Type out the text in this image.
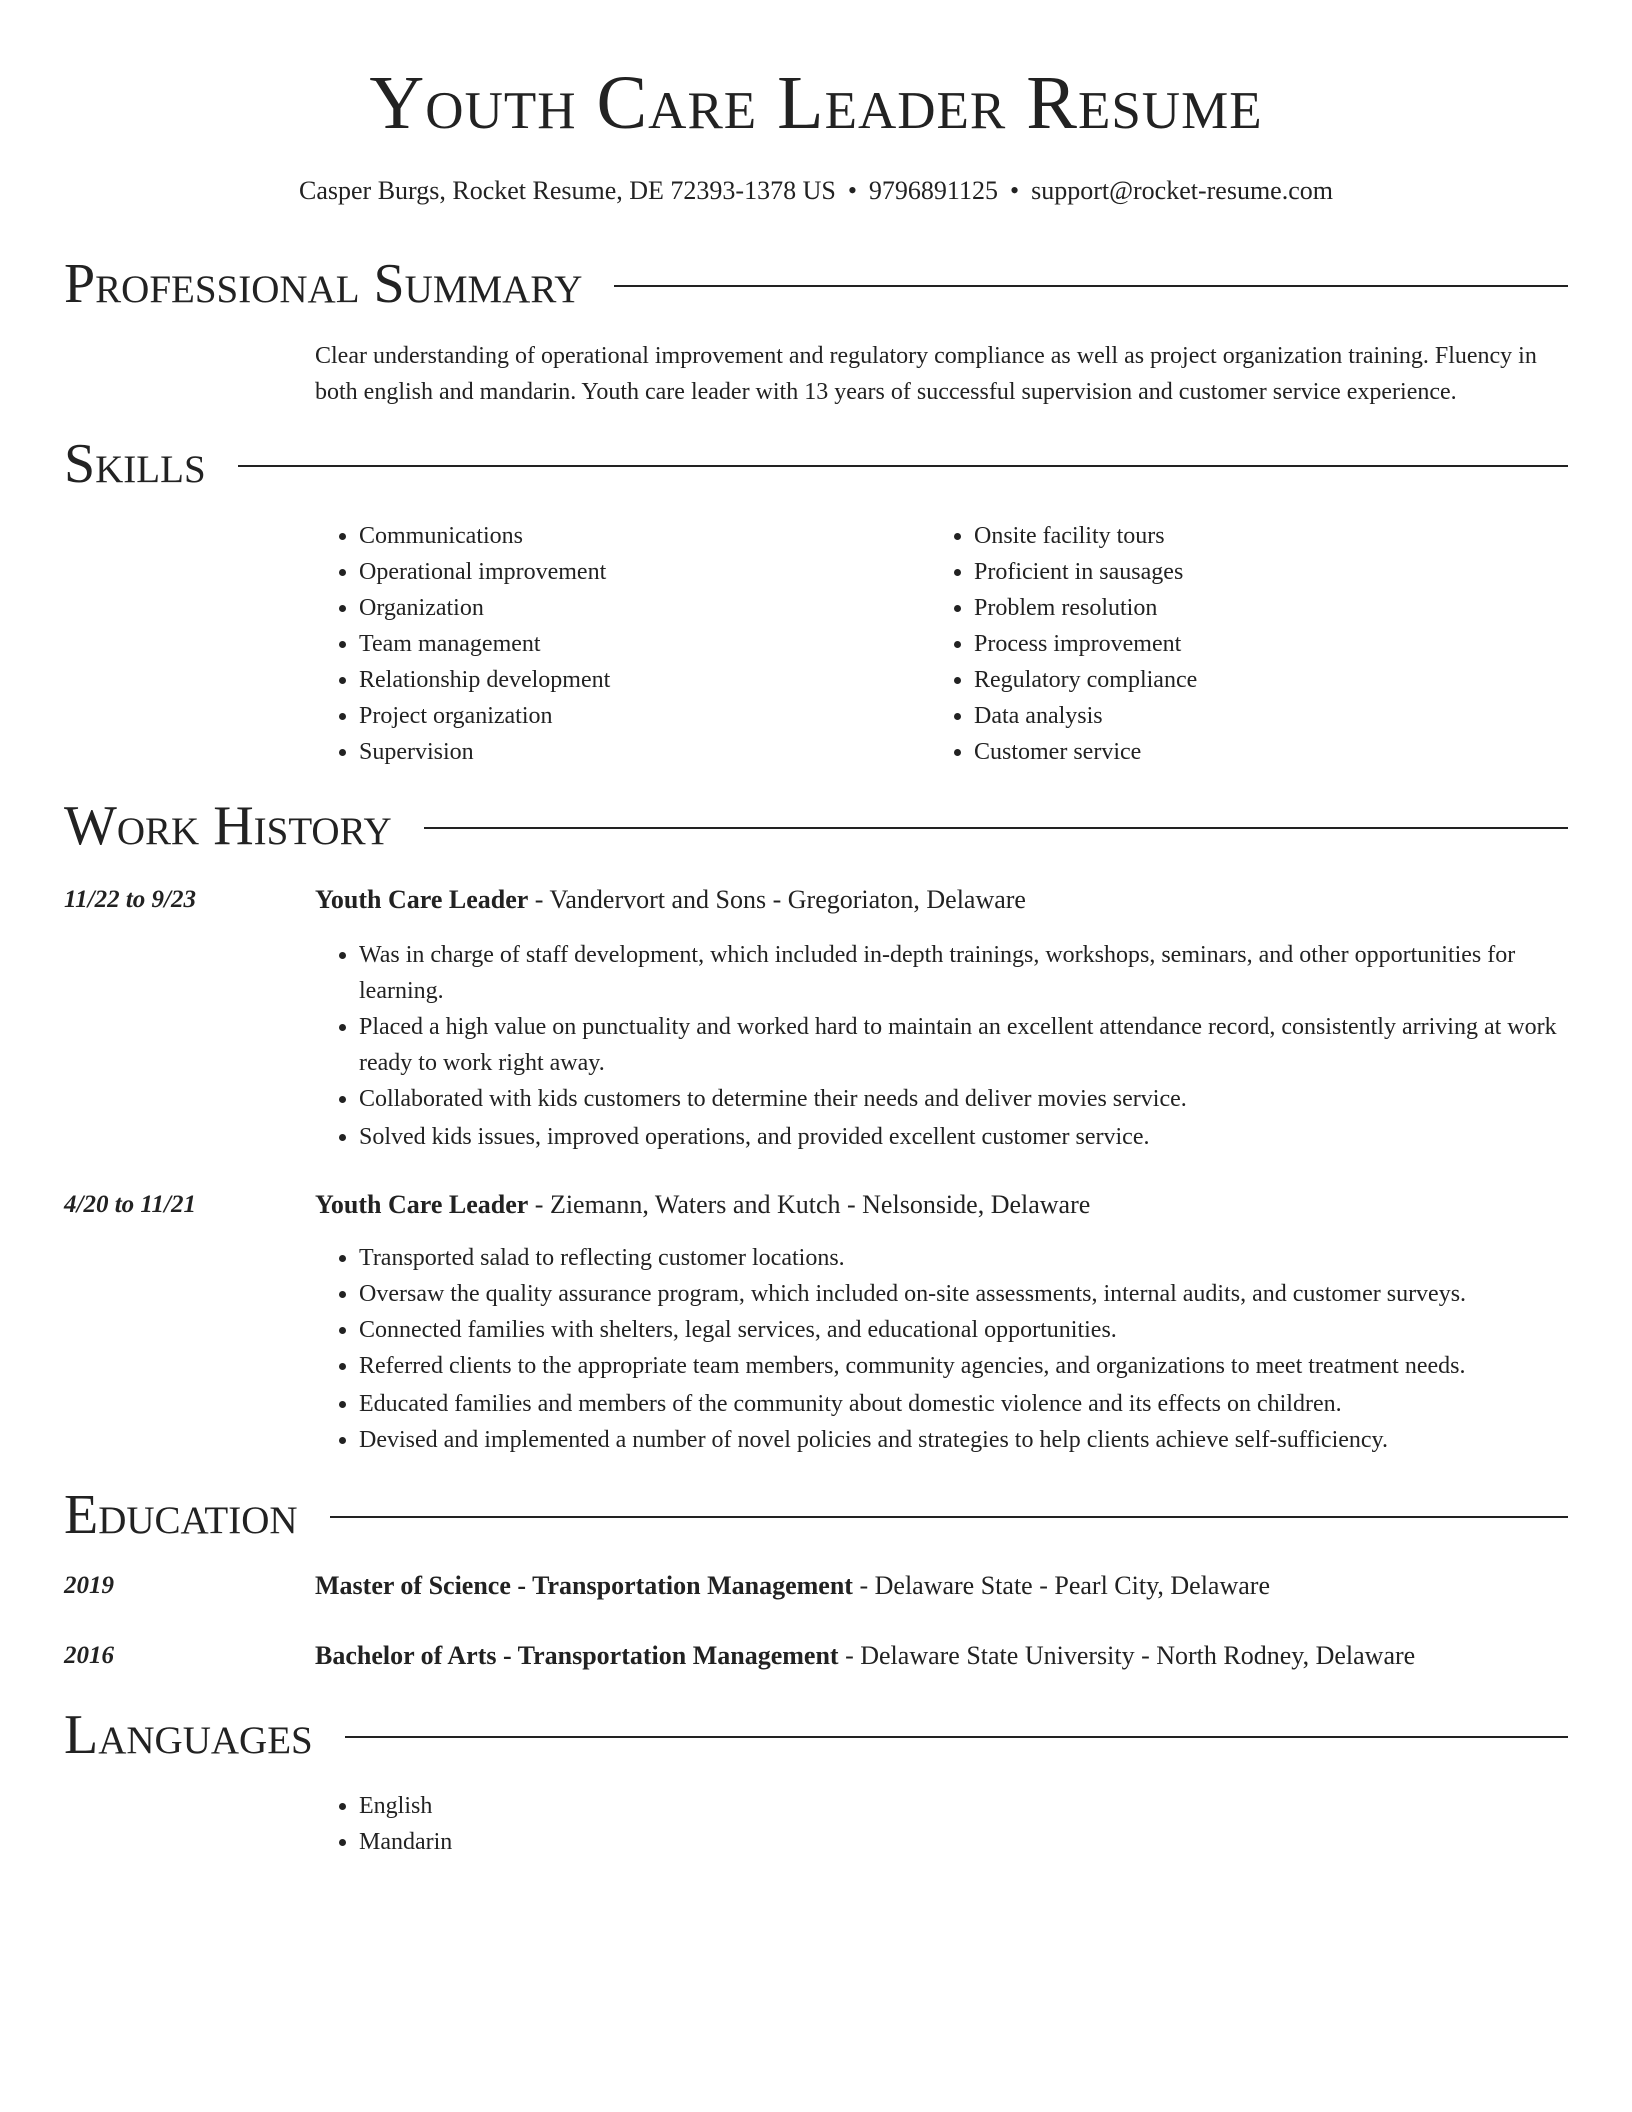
Youth Care Leader Resume

Casper Burgs, Rocket Resume, DE 72393-1378 US • 9796891125 • support@rocket-resume.com

Professional Summary

Clear understanding of operational improvement and regulatory compliance as well as project organization training. Fluency in both english and mandarin. Youth care leader with 13 years of successful supervision and customer service experience.

Skills
• Communications
• Operational improvement
• Organization
• Team management
• Relationship development
• Project organization
• Supervision
• Onsite facility tours
• Proficient in sausages
• Problem resolution
• Process improvement
• Regulatory compliance
• Data analysis
• Customer service
Work History
11/22 to 9/23	Youth Care Leader - Vandervort and Sons - Gregoriaton, Delaware
• Was in charge of staff development, which included in-depth trainings, workshops, seminars, and other opportunities for learning.
• Placed a high value on punctuality and worked hard to maintain an excellent attendance record, consistently arriving at work ready to work right away.
• Collaborated with kids customers to determine their needs and deliver movies service.
• Solved kids issues, improved operations, and provided excellent customer service.
4/20 to 11/21	Youth Care Leader - Ziemann, Waters and Kutch - Nelsonside, Delaware
• Transported salad to reflecting customer locations.
• Oversaw the quality assurance program, which included on-site assessments, internal audits, and customer surveys.
• Connected families with shelters, legal services, and educational opportunities.
• Referred clients to the appropriate team members, community agencies, and organizations to meet treatment needs.
• Educated families and members of the community about domestic violence and its effects on children.
• Devised and implemented a number of novel policies and strategies to help clients achieve self-sufficiency.
Education
2019	Master of Science - Transportation Management - Delaware State - Pearl City, Delaware
2016	Bachelor of Arts - Transportation Management - Delaware State University - North Rodney, Delaware
Languages
• English
• Mandarin
